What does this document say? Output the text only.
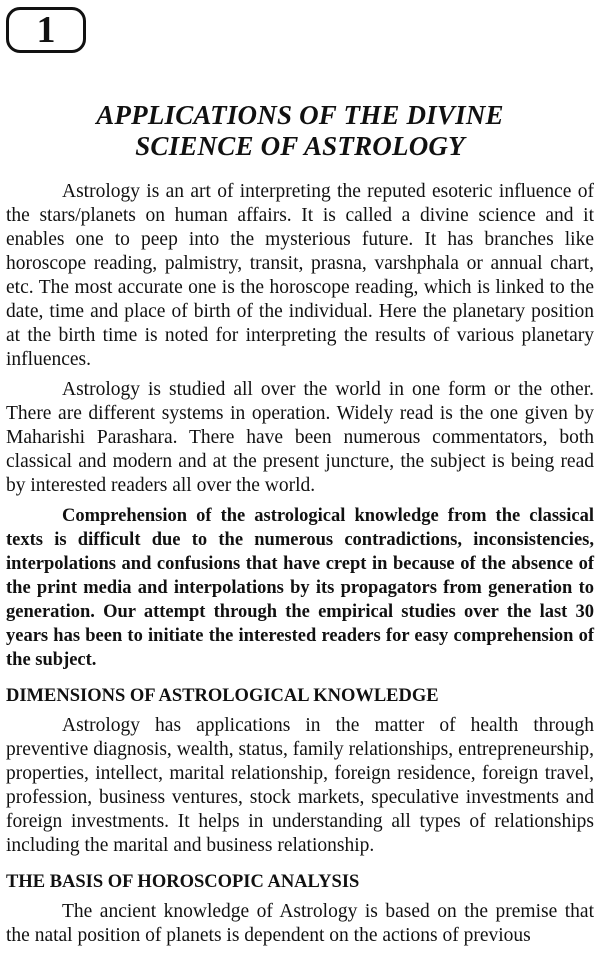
1
APPLICATIONS OF THE DIVINE
SCIENCE OF ASTROLOGY

Astrology is an art of interpreting the reputed esoteric influence of the stars/planets on human affairs. It is called a divine science and it enables one to peep into the mysterious future. It has branches like horoscope reading, palmistry, transit, prasna, varshphala or annual chart, etc. The most accurate one is the horoscope reading, which is linked to the date, time and place of birth of the individual. Here the planetary position at the birth time is noted for interpreting the results of various planetary influences.

Astrology is studied all over the world in one form or the other. There are different systems in operation. Widely read is the one given by Maharishi Parashara. There have been numerous commentators, both classical and modern and at the present juncture, the subject is being read by interested readers all over the world.

Comprehension of the astrological knowledge from the classical texts is difficult due to the numerous contradictions, inconsistencies, interpolations and confusions that have crept in because of the absence of the print media and interpolations by its propagators from generation to generation. Our attempt through the empirical studies over the last 30 years has been to initiate the interested readers for easy comprehension of the subject.

DIMENSIONS OF ASTROLOGICAL KNOWLEDGE

Astrology has applications in the matter of health through preventive diagnosis, wealth, status, family relationships, entrepreneurship, properties, intellect, marital relationship, foreign residence, foreign travel, profession, business ventures, stock markets, speculative investments and foreign investments. It helps in understanding all types of relationships including the marital and business relationship.

THE BASIS OF HOROSCOPIC ANALYSIS

The ancient knowledge of Astrology is based on the premise that the natal position of planets is dependent on the actions of previous
